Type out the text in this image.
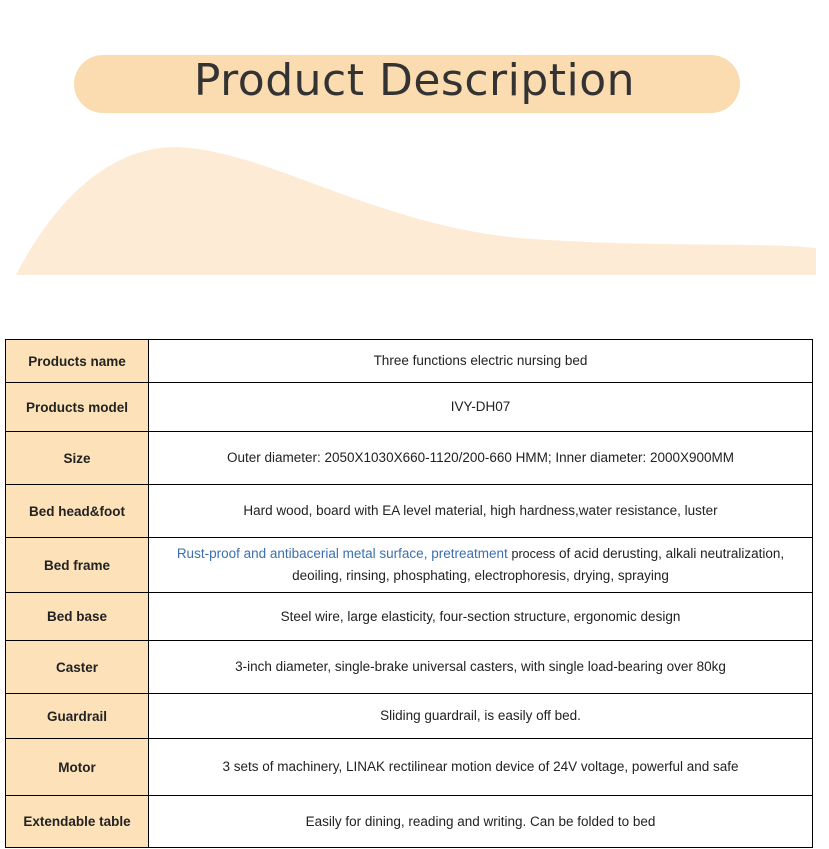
Product Description
Products name	Three functions electric nursing bed
Products model	IVY-DH07
Size	Outer diameter: 2050X1030X660-1120/200-660 HMM; Inner diameter: 2000X900MM
Bed head&foot	Hard wood, board with EA level material, high hardness,water resistance, luster
Bed frame	Rust-proof and antibacerial metal surface, pretreatment process of acid derusting, alkali neutralization, deoiling, rinsing, phosphating, electrophoresis, drying, spraying
Bed base	Steel wire, large elasticity, four-section structure, ergonomic design
Caster	3-inch diameter, single-brake universal casters, with single load-bearing over 80kg
Guardrail	Sliding guardrail, is easily off bed.
Motor	3 sets of machinery, LINAK rectilinear motion device of 24V voltage, powerful and safe
Extendable table	Easily for dining, reading and writing. Can be folded to bed
